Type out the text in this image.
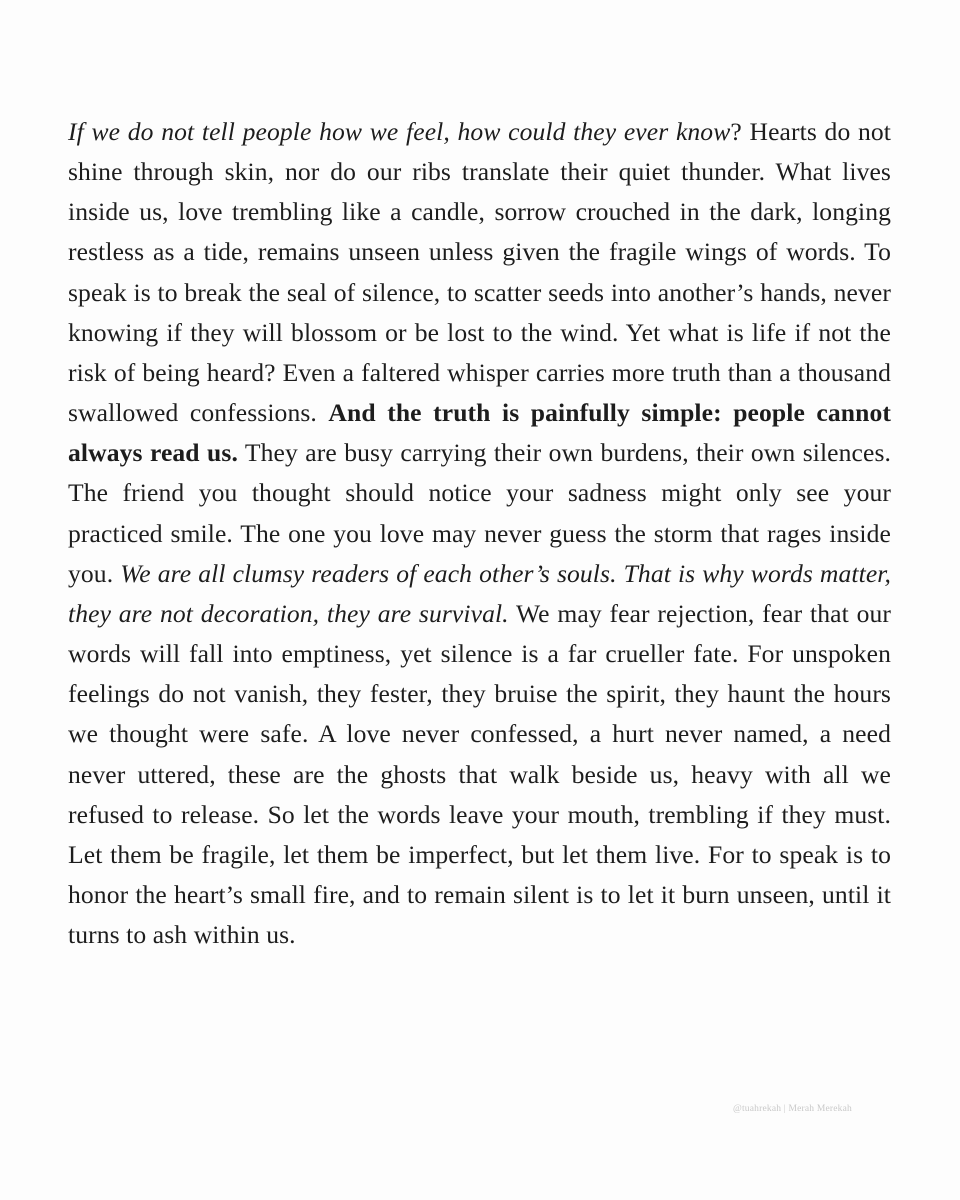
If we do not tell people how we feel, how could they ever know? Hearts do not shine through skin, nor do our ribs translate their quiet thunder. What lives inside us, love trembling like a candle, sorrow crouched in the dark, longing restless as a tide, remains unseen unless given the fragile wings of words. To speak is to break the seal of silence, to scatter seeds into another’s hands, never knowing if they will blossom or be lost to the wind. Yet what is life if not the risk of being heard? Even a faltered whisper carries more truth than a thousand swallowed confessions. And the truth is painfully simple: people cannot always read us. They are busy carrying their own burdens, their own silences. The friend you thought should notice your sadness might only see your practiced smile. The one you love may never guess the storm that rages inside you. We are all clumsy readers of each other’s souls. That is why words matter, they are not decoration, they are survival. We may fear rejection, fear that our words will fall into emptiness, yet silence is a far crueller fate. For unspoken feelings do not vanish, they fester, they bruise the spirit, they haunt the hours we thought were safe. A love never confessed, a hurt never named, a need never uttered, these are the ghosts that walk beside us, heavy with all we refused to release. So let the words leave your mouth, trembling if they must. Let them be fragile, let them be imperfect, but let them live. For to speak is to honor the heart’s small fire, and to remain silent is to let it burn unseen, until it turns to ash within us.

@tuahrekah | Merah Merekah
